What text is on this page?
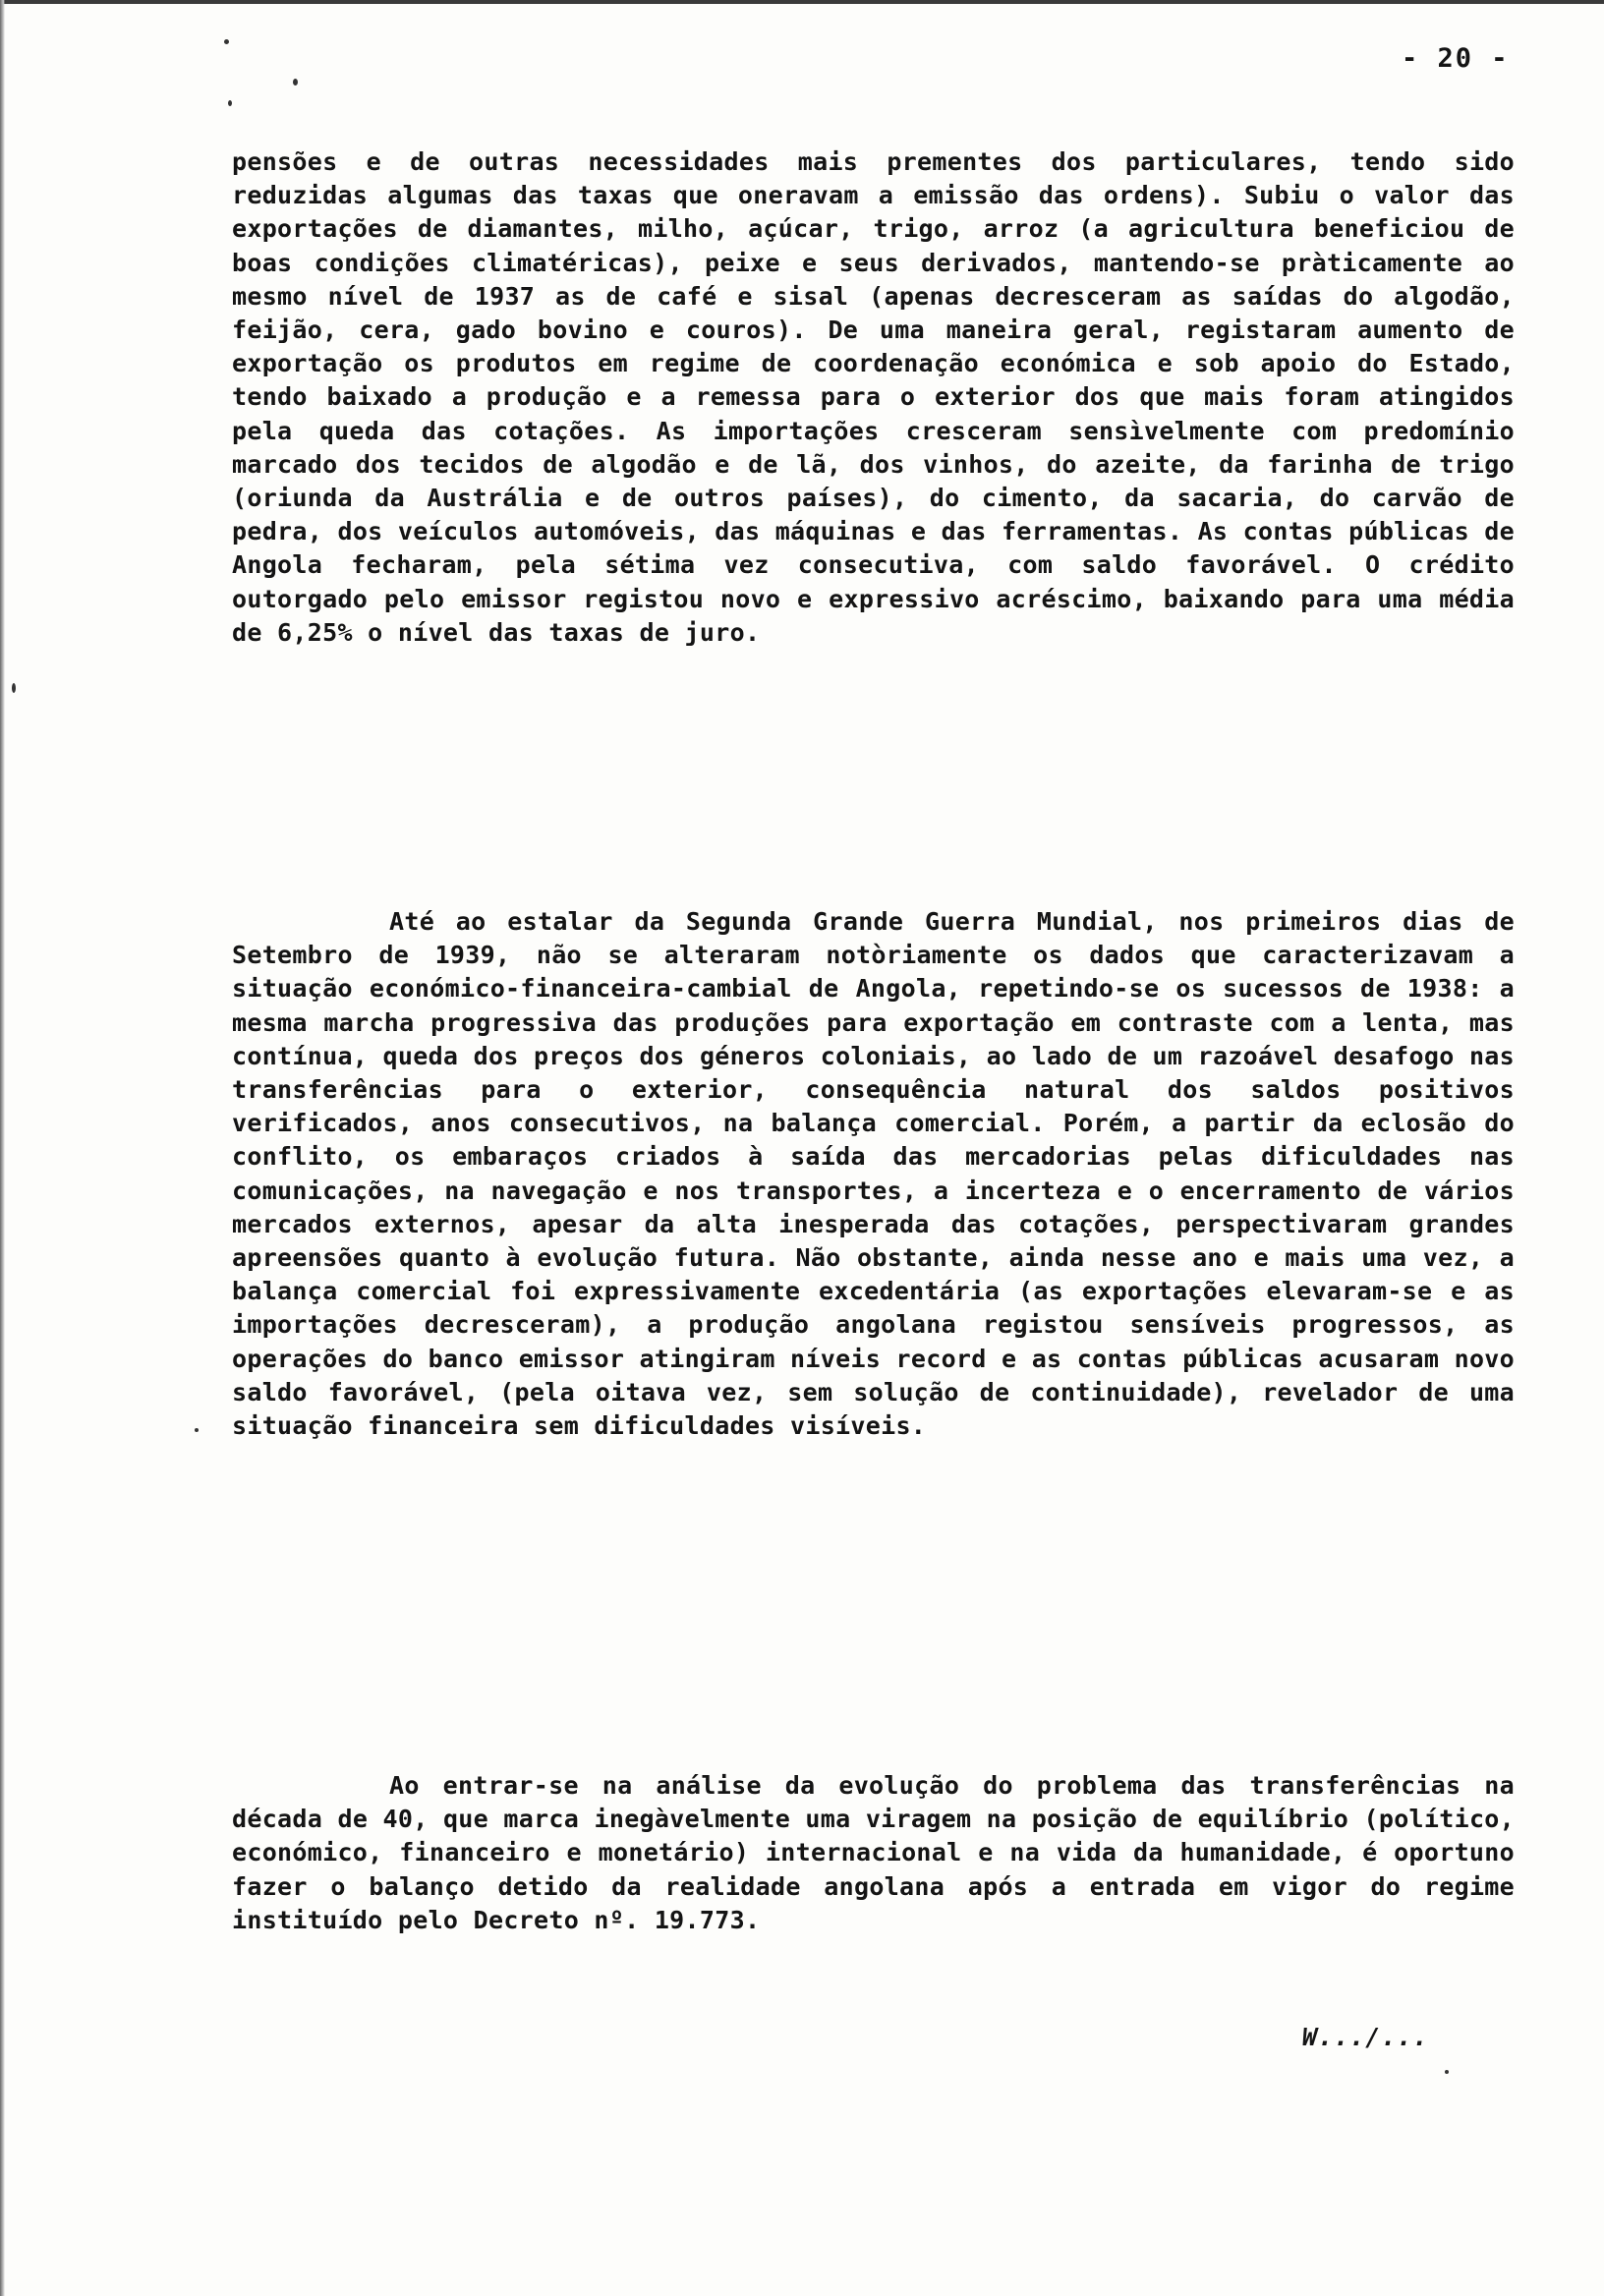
- 20 -

pensões e de outras necessidades mais prementes dos particulares, tendo sido reduzidas algumas das taxas que oneravam a emissão das ordens). Subiu o valor das exportações de diamantes, milho, açúcar, trigo, arroz (a agricultura beneficiou de boas condições climatéricas), peixe e seus derivados, mantendo-se pràticamente ao mesmo nível de 1937 as de café e sisal (apenas decresceram as saídas do algodão, feijão, cera, gado bovino e couros). De uma maneira geral, registaram aumento de exportação os produtos em regime de coordenação económica e sob apoio do Estado, tendo baixado a produção e a remessa para o exterior dos que mais foram atingidos pela queda das cotações. As importações cresceram sensìvelmente com predomínio marcado dos tecidos de algodão e de lã, dos vinhos, do azeite, da farinha de trigo (oriunda da Austrália e de outros países), do cimento, da sacaria, do carvão de pedra, dos veículos automóveis, das máquinas e das ferramentas. As contas públicas de Angola fecharam, pela sétima vez consecutiva, com saldo favorável. O crédito outorgado pelo emissor registou novo e expressivo acréscimo, baixando para uma média de 6,25% o nível das taxas de juro.

Até ao estalar da Segunda Grande Guerra Mundial, nos primeiros dias de Setembro de 1939, não se alteraram notòriamente os dados que caracterizavam a situação económico-financeira-cambial de Angola, repetindo-se os sucessos de 1938: a mesma marcha progressiva das produções para exportação em contraste com a lenta, mas contínua, queda dos preços dos géneros coloniais, ao lado de um razoável desafogo nas transferências para o exterior, consequência natural dos saldos positivos verificados, anos consecutivos, na balança comercial. Porém, a partir da eclosão do conflito, os embaraços criados à saída das mercadorias pelas dificuldades nas comunicações, na navegação e nos transportes, a incerteza e o encerramento de vários mercados externos, apesar da alta inesperada das cotações, perspectivaram grandes apreensões quanto à evolução futura. Não obstante, ainda nesse ano e mais uma vez, a balança comercial foi expressivamente excedentária (as exportações elevaram-se e as importações decresceram), a produção angolana registou sensíveis progressos, as operações do banco emissor atingiram níveis record e as contas públicas acusaram novo saldo favorável, (pela oitava vez, sem solução de continuidade), revelador de uma situação financeira sem dificuldades visíveis.

Ao entrar-se na análise da evolução do problema das transferências na década de 40, que marca inegàvelmente uma viragem na posição de equilíbrio (político, económico, financeiro e monetário) internacional e na vida da humanidade, é oportuno fazer o balanço detido da realidade angolana após a entrada em vigor do regime instituído pelo Decreto nº. 19.773.

W.../...
